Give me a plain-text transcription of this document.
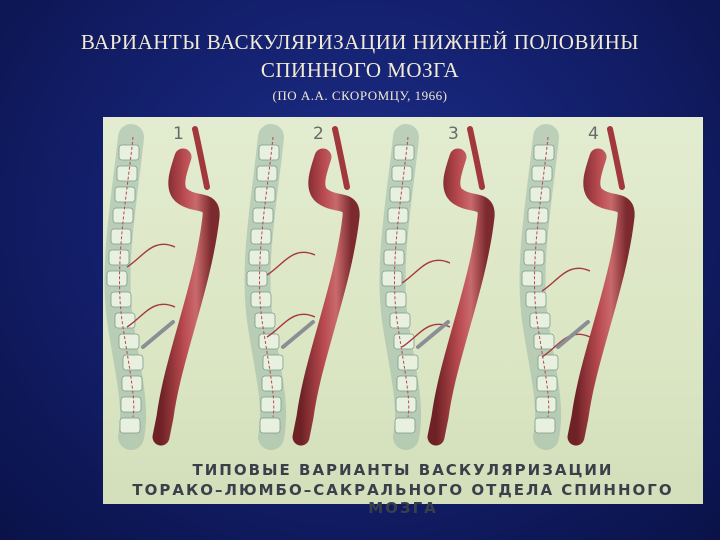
ВАРИАНТЫ ВАСКУЛЯРИЗАЦИИ НИЖНЕЙ ПОЛОВИНЫ
СПИННОГО МОЗГА
(ПО А.А. СКОРОМЦУ, 1966)
1	2	3	4
ТИПОВЫЕ ВАРИАНТЫ ВАСКУЛЯРИЗАЦИИ
ТОРАКО–ЛЮМБО–САКРАЛЬНОГО ОТДЕЛА СПИННОГО МОЗГА
